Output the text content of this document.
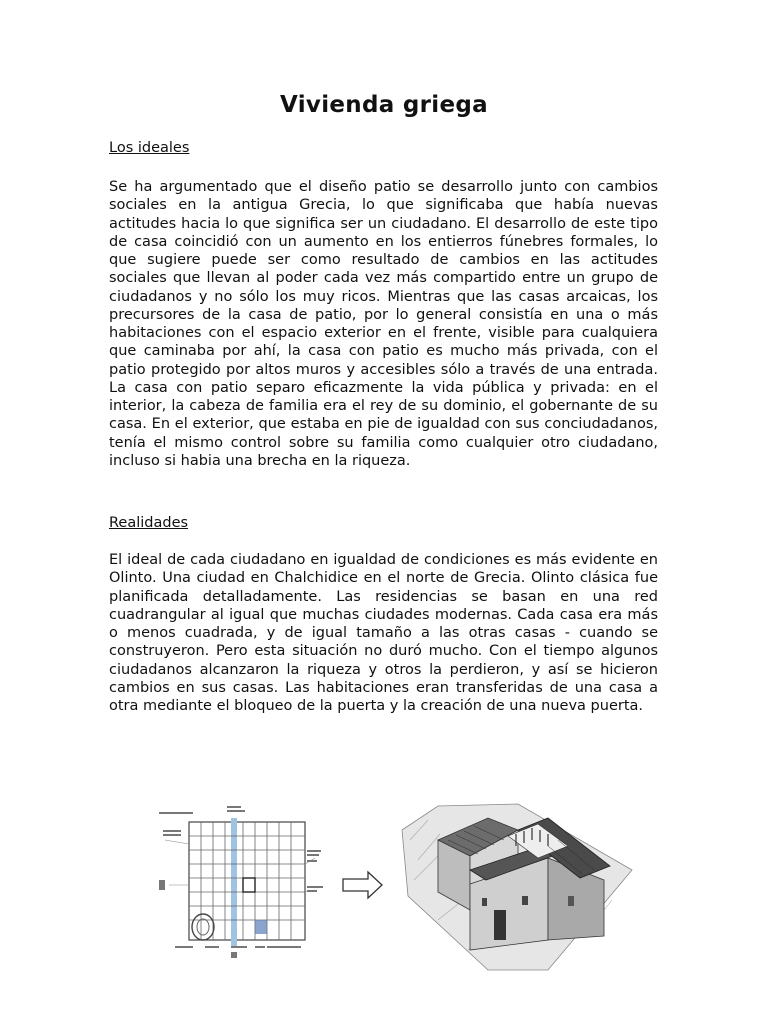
Vivienda griega
Los ideales

Se ha argumentado que el diseño patio se desarrollo junto con cambios sociales en la antigua Grecia, lo que significaba que había nuevas actitudes hacia lo que significa ser un ciudadano. El desarrollo de este tipo de casa coincidió con un aumento en los entierros fúnebres formales, lo que sugiere puede ser como resultado de cambios en las actitudes sociales que llevan al poder cada vez más compartido entre un grupo de ciudadanos y no sólo los muy ricos. Mientras que las casas arcaicas, los precursores de la casa de patio, por lo general consistía en una o más habitaciones con el espacio exterior en el frente, visible para cualquiera que caminaba por ahí, la casa con patio es mucho más privada, con el patio protegido por altos muros y accesibles sólo a través de una entrada. La casa con patio separo eficazmente la vida pública y privada: en el interior, la cabeza de familia era el rey de su dominio, el gobernante de su casa. En el exterior, que estaba en pie de igualdad con sus conciudadanos, tenía el mismo control sobre su familia como cualquier otro ciudadano, incluso si habia una brecha en la riqueza.

Realidades

El ideal de cada ciudadano en igualdad de condiciones es más evidente en Olinto. Una ciudad en Chalchidice en el norte de Grecia. Olinto clásica fue planificada detalladamente. Las residencias se basan en una red cuadrangular al igual que muchas ciudades modernas. Cada casa era más o menos cuadrada, y de igual tamaño a las otras casas - cuando se construyeron. Pero esta situación no duró mucho. Con el tiempo algunos ciudadanos alcanzaron la riqueza y otros la perdieron, y así se hicieron cambios en sus casas. Las habitaciones eran transferidas de una casa a otra mediante el bloqueo de la puerta y la creación de una nueva puerta.
